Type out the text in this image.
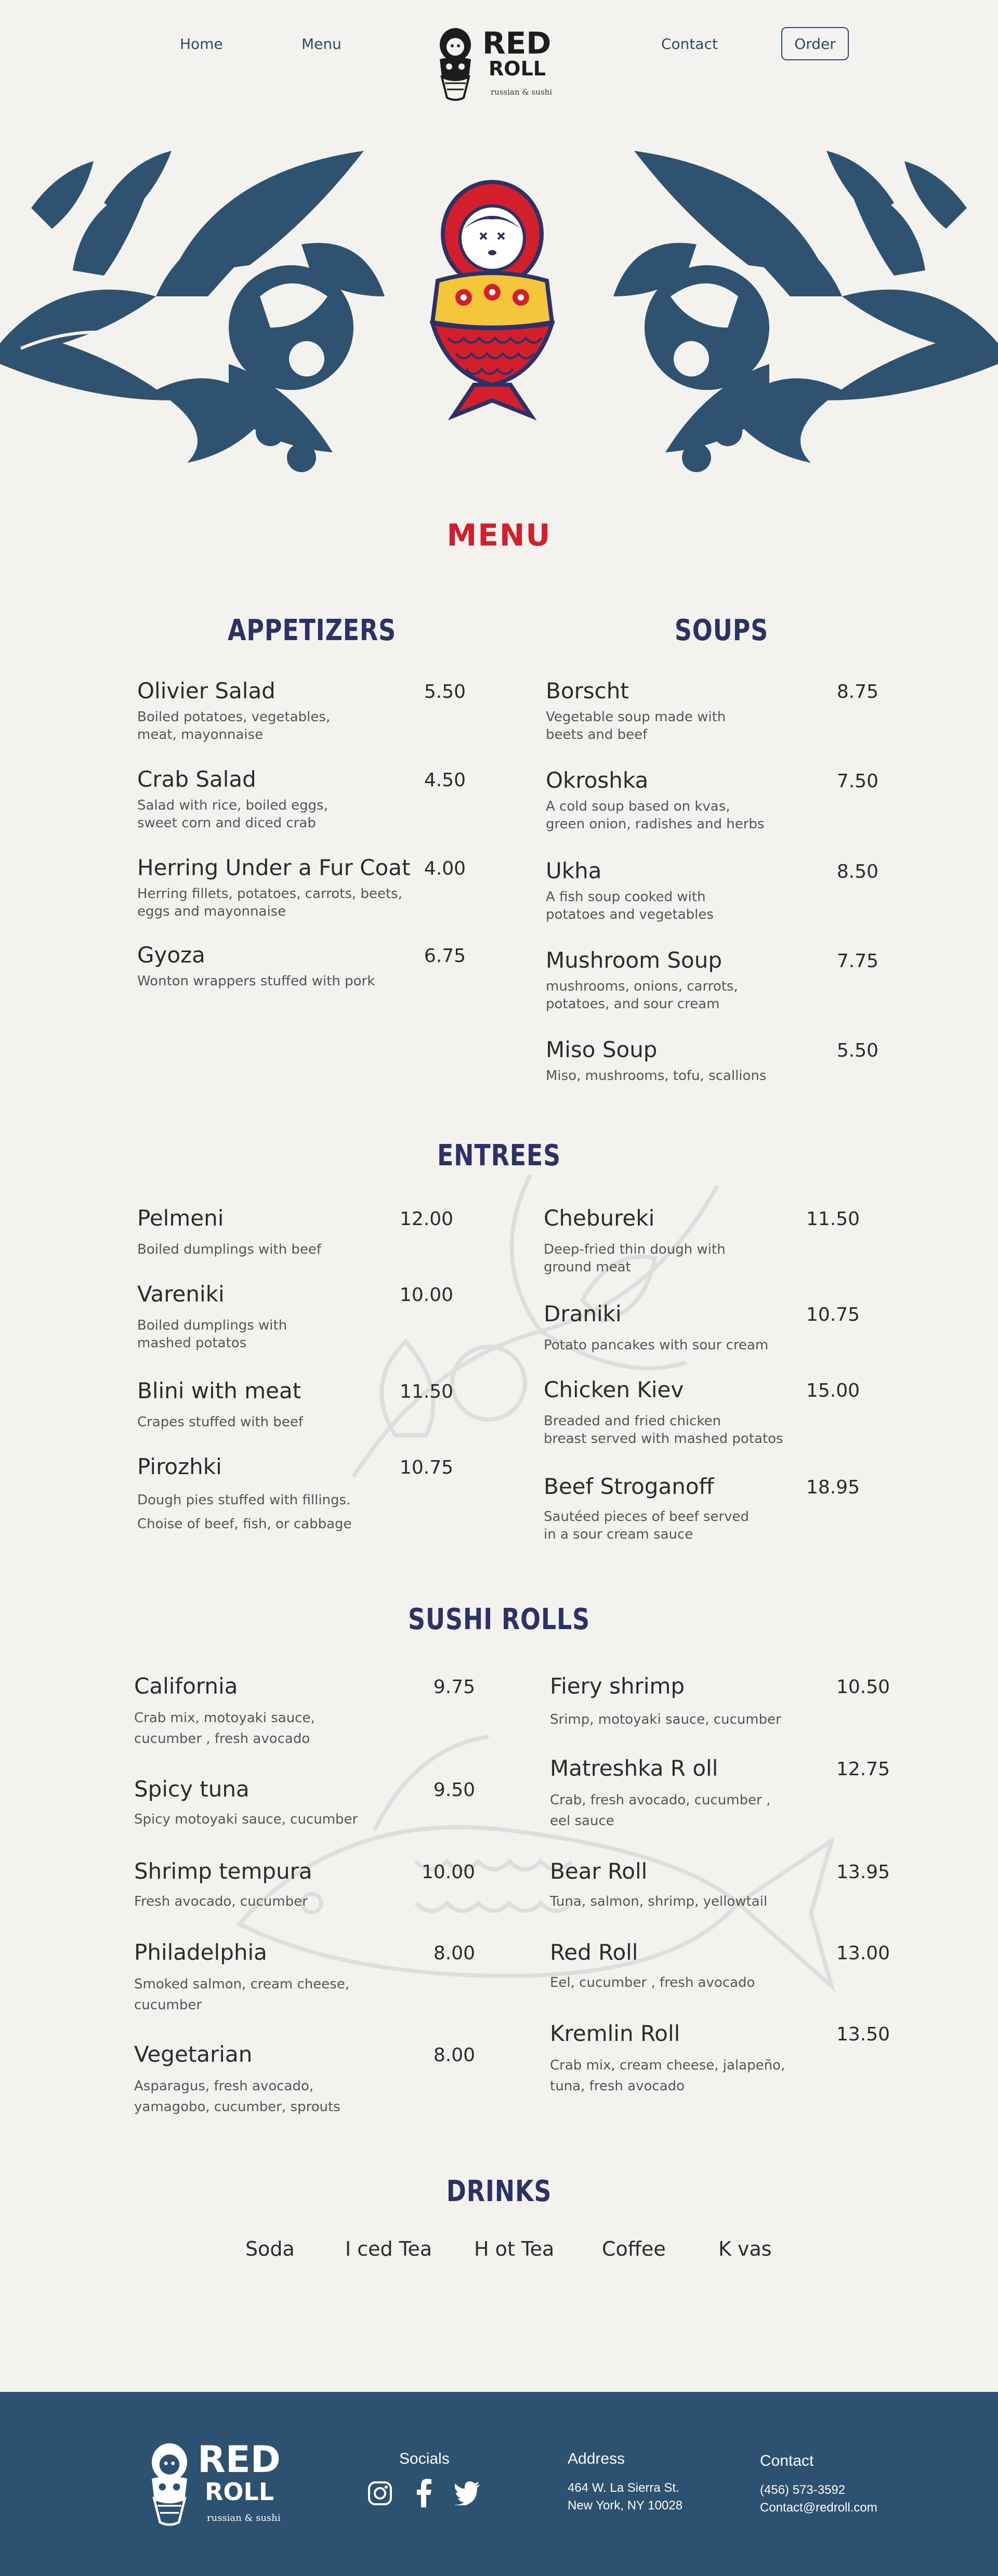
Home	Menu	Contact	Order
RED
ROLL
russian & sushi
MENU
APPETIZERS
Olivier Salad	5.50
Boiled potatoes, vegetables,
meat, mayonnaise
Crab Salad	4.50
Salad with rice, boiled eggs,
sweet corn and diced crab
Herring Under a Fur Coat 4.00
Herring fillets, potatoes, carrots, beets,
eggs and mayonnaise
Gyoza	6.75
Wonton wrappers stuffed with pork
SOUPS
Borscht	8.75
Vegetable soup made with
beets and beef
Okroshka	7.50
A cold soup based on kvas,
green onion, radishes and herbs
Ukha	8.50
A fish soup cooked with
potatoes and vegetables
Mushroom Soup	7.75
mushrooms, onions, carrots,
potatoes, and sour cream
Miso Soup	5.50
Miso, mushrooms, tofu, scallions
ENTREES
Pelmeni	12.00
Boiled dumplings with beef
Vareniki	10.00
Boiled dumplings with
mashed potatos
Blini with meat	11.50
Crapes stuffed with beef
Pirozhki	10.75
Dough pies stuffed with fillings.
Choise of beef, fish, or cabbage
Chebureki	11.50
Deep-fried thin dough with
ground meat
Draniki	10.75
Potato pancakes with sour cream
Chicken Kiev	15.00
Breaded and fried chicken
breast served with mashed potatos
Beef Stroganoff	18.95
Sautéed pieces of beef served
in a sour cream sauce
SUSHI ROLLS
California	9.75
Crab mix, motoyaki sauce,
cucumber , fresh avocado
Spicy tuna	9.50
Spicy motoyaki sauce, cucumber
Shrimp tempura	10.00
Fresh avocado, cucumber
Philadelphia	8.00
Smoked salmon, cream cheese,
cucumber
Vegetarian	8.00
Asparagus, fresh avocado,
yamagobo, cucumber, sprouts
Fiery shrimp	10.50
Srimp, motoyaki sauce, cucumber
Matreshka R oll	12.75
Crab, fresh avocado, cucumber ,
eel sauce
Bear Roll	13.95
Tuna, salmon, shrimp, yellowtail
Red Roll	13.00
Eel, cucumber , fresh avocado
Kremlin Roll	13.50
Crab mix, cream cheese, jalapeño,
tuna, fresh avocado
DRINKS
Soda	I ced Tea H ot Tea Coffee	K vas
RED
ROLL
russian & sushi
Socials	Address
464 W. La Sierra St.
New York, NY 10028
Contact
(456) 573-3592
Contact@redroll.com
